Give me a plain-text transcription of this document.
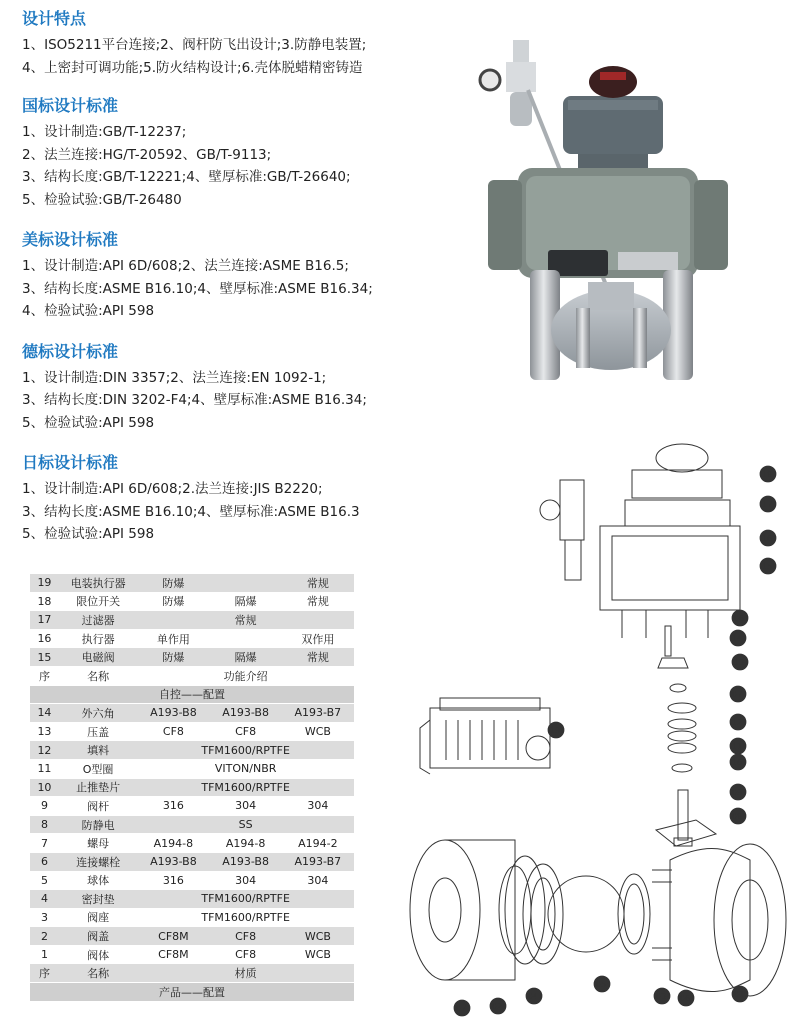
设计特点
1、ISO5211平台连接;2、阀杆防飞出设计;3.防静电装置;
4、上密封可调功能;5.防火结构设计;6.壳体脱蜡精密铸造
国标设计标准
1、设计制造:GB/T-12237;
2、法兰连接:HG/T-20592、GB/T-9113;
3、结构长度:GB/T-12221;4、壁厚标准:GB/T-26640;
5、检验试验:GB/T-26480
美标设计标准
1、设计制造:API 6D/608;2、法兰连接:ASME B16.5;
3、结构长度:ASME B16.10;4、壁厚标准:ASME B16.34;
4、检验试验:API 598
德标设计标准
1、设计制造:DIN 3357;2、法兰连接:EN 1092-1;
3、结构长度:DIN 3202-F4;4、壁厚标准:ASME B16.34;
5、检验试验:API 598
日标设计标准
1、设计制造:API 6D/608;2.法兰连接:JIS B2220;
3、结构长度:ASME B16.10;4、壁厚标准:ASME B16.3
5、检验试验:API 598
18
17
16
15
06
14
13
07
12
11
10
09
08
19
07	02
04
05
03 06	01
19	电装执行器	防爆		常规
18	限位开关	防爆	隔爆	常规
17	过滤器		常规	
16	执行器	单作用		双作用
15	电磁阀	防爆	隔爆	常规
序	名称	功能介绍		
自控——配置				
14	外六角	A193-B8	A193-B8	A193-B7
13	压盖	CF8	CF8	WCB
12	填料	TFM1600/RPTFE		
11	O型圈	VITON/NBR		
10	止推垫片	TFM1600/RPTFE		
9	阀杆	316	304	304
8	防静电	SS		
7	螺母	A194-8	A194-8	A194-2
6	连接螺栓	A193-B8	A193-B8	A193-B7
5	球体	316	304	304
4	密封垫	TFM1600/RPTFE		
3	阀座	TFM1600/RPTFE		
2	阀盖	CF8M	CF8	WCB
1	阀体	CF8M	CF8	WCB
序	名称	材质		
产品——配置				
